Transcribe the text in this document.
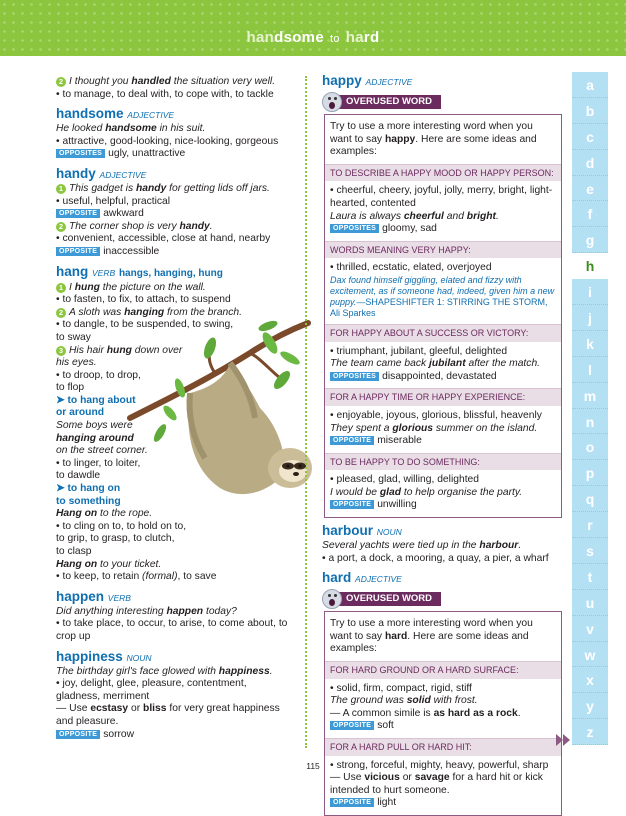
handsome to hard
2 I thought you handled the situation very well.
• to manage, to deal with, to cope with, to tackle
handsome ADJECTIVE
He looked handsome in his suit.
• attractive, good-looking, nice-looking, gorgeous
OPPOSITES ugly, unattractive
handy ADJECTIVE
1 This gadget is handy for getting lids off jars.
• useful, helpful, practical
OPPOSITE awkward
2 The corner shop is very handy.
• convenient, accessible, close at hand, nearby
OPPOSITE inaccessible
hang VERB hangs, hanging, hung
1 I hung the picture on the wall.
• to fasten, to fix, to attach, to suspend
2 A sloth was hanging from the branch.
• to dangle, to be suspended, to swing,
to sway
3 His hair hung down over
his eyes.
• to droop, to drop,
to flop
➤ to hang about
or around
Some boys were
hanging around
on the street corner.
• to linger, to loiter,
to dawdle
➤ to hang on
to something
Hang on to the rope.
• to cling on to, to hold on to,
to grip, to grasp, to clutch,
to clasp
Hang on to your ticket.
• to keep, to retain (formal), to save
happen VERB
Did anything interesting happen today?
• to take place, to occur, to arise, to come about, to crop up
happiness NOUN
The birthday girl's face glowed with happiness.
• joy, delight, glee, pleasure, contentment, gladness, merriment
— Use ecstasy or bliss for very great happiness and pleasure.
OPPOSITE sorrow
happy ADJECTIVE
OVERUSED WORD
Try to use a more interesting word when you want to say happy. Here are some ideas and examples:
TO DESCRIBE A HAPPY MOOD OR HAPPY PERSON:
• cheerful, cheery, joyful, jolly, merry, bright, light-hearted, contented
Laura is always cheerful and bright.
OPPOSITES gloomy, sad
WORDS MEANING VERY HAPPY:
• thrilled, ecstatic, elated, overjoyed
Dax found himself giggling, elated and fizzy with excitement, as if someone had, indeed, given him a new puppy.—SHAPESHIFTER 1: STIRRING THE STORM, Ali Sparkes
FOR HAPPY ABOUT A SUCCESS OR VICTORY:
• triumphant, jubilant, gleeful, delighted
The team came back jubilant after the match.
OPPOSITES disappointed, devastated
FOR A HAPPY TIME OR HAPPY EXPERIENCE:
• enjoyable, joyous, glorious, blissful, heavenly
They spent a glorious summer on the island.
OPPOSITE miserable
TO BE HAPPY TO DO SOMETHING:
• pleased, glad, willing, delighted
I would be glad to help organise the party.
OPPOSITE unwilling
harbour NOUN
Several yachts were tied up in the harbour.
• a port, a dock, a mooring, a quay, a pier, a wharf
hard ADJECTIVE
OVERUSED WORD
Try to use a more interesting word when you want to say hard. Here are some ideas and examples:
FOR HARD GROUND OR A HARD SURFACE:
• solid, firm, compact, rigid, stiff
The ground was solid with frost.
— A common simile is as hard as a rock.
OPPOSITE soft
FOR A HARD PULL OR HARD HIT:
• strong, forceful, mighty, heavy, powerful, sharp
— Use vicious or savage for a hard hit or kick intended to hurt someone.
OPPOSITE light
a
b
c
d
e
f
g
h
i
j
k
l
m
n
o
p
q
r
s
t
u
v
w
x
y
z
115
